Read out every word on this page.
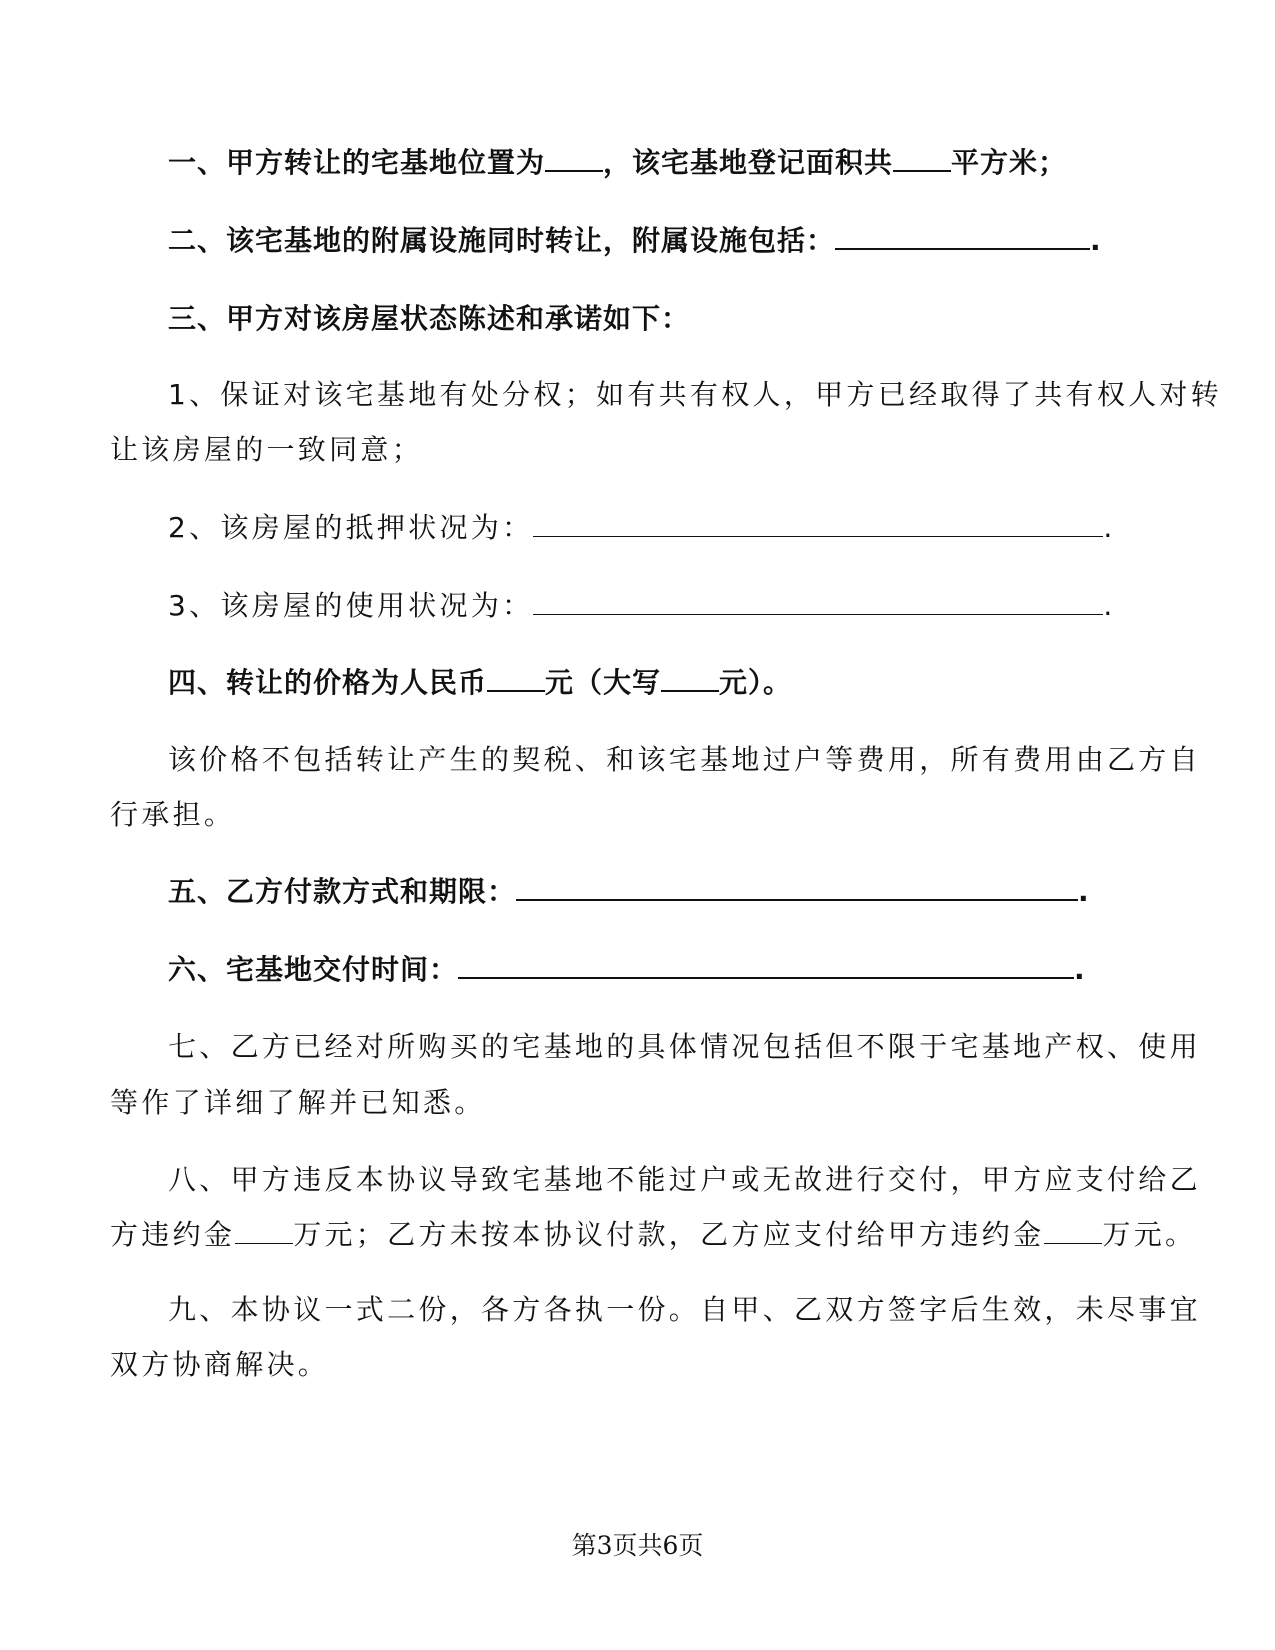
一、甲方转让的宅基地位置为 ，该宅基地登记面积共 平方米；
二、该宅基地的附属设施同时转让，附属设施包括：	.
三、甲方对该房屋状态陈述和承诺如下：
1、保证对该宅基地有处分权；如有共有权人，甲方已经取得了共有权人对转
让该房屋的一致同意；
2、该房屋的抵押状况为：	.
3、该房屋的使用状况为：	.
四、转让的价格为人民币 元（大写 元）。
该价格不包括转让产生的契税、和该宅基地过户等费用，所有费用由乙方自
行承担。
五、乙方付款方式和期限：	.
六、宅基地交付时间：	.
七、乙方已经对所购买的宅基地的具体情况包括但不限于宅基地产权、使用
等作了详细了解并已知悉。
八、甲方违反本协议导致宅基地不能过户或无故进行交付，甲方应支付给乙
方违约金 万元；乙方未按本协议付款，乙方应支付给甲方违约金 万元。
九、本协议一式二份，各方各执一份。自甲、乙双方签字后生效，未尽事宜
双方协商解决。
第3页共6页
